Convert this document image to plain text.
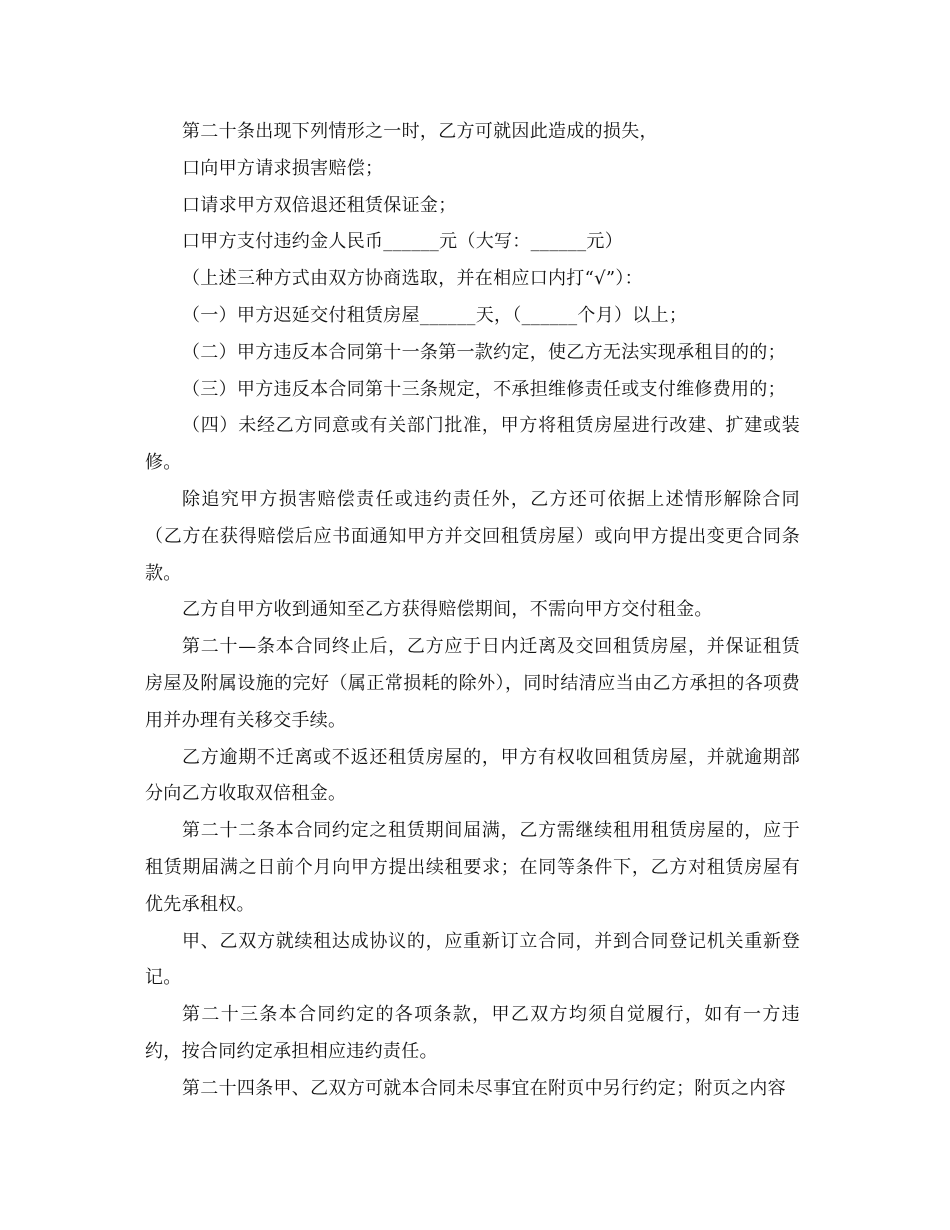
第二十条出现下列情形之一时，乙方可就因此造成的损失，

口向甲方请求损害赔偿；

口请求甲方双倍退还租赁保证金；

口甲方支付违约金人民币______元（大写：______元）

（上述三种方式由双方协商选取，并在相应口内打“√”）：

（一）甲方迟延交付租赁房屋______天，（______个月）以上；

（二）甲方违反本合同第十一条第一款约定，使乙方无法实现承租目的的；

（三）甲方违反本合同第十三条规定，不承担维修责任或支付维修费用的；

（四）未经乙方同意或有关部门批准，甲方将租赁房屋进行改建、扩建或装修。

除追究甲方损害赔偿责任或违约责任外，乙方还可依据上述情形解除合同（乙方在获得赔偿后应书面通知甲方并交回租赁房屋）或向甲方提出变更合同条款。

乙方自甲方收到通知至乙方获得赔偿期间，不需向甲方交付租金。

第二十—条本合同终止后，乙方应于日内迁离及交回租赁房屋，并保证租赁房屋及附属设施的完好（属正常损耗的除外），同时结清应当由乙方承担的各项费用并办理有关移交手续。

乙方逾期不迁离或不返还租赁房屋的，甲方有权收回租赁房屋，并就逾期部分向乙方收取双倍租金。

第二十二条本合同约定之租赁期间届满，乙方需继续租用租赁房屋的，应于租赁期届满之日前个月向甲方提出续租要求；在同等条件下，乙方对租赁房屋有优先承租权。

甲、乙双方就续租达成协议的，应重新订立合同，并到合同登记机关重新登记。

第二十三条本合同约定的各项条款，甲乙双方均须自觉履行，如有一方违约，按合同约定承担相应违约责任。

第二十四条甲、乙双方可就本合同未尽事宜在附页中另行约定；附页之内容
